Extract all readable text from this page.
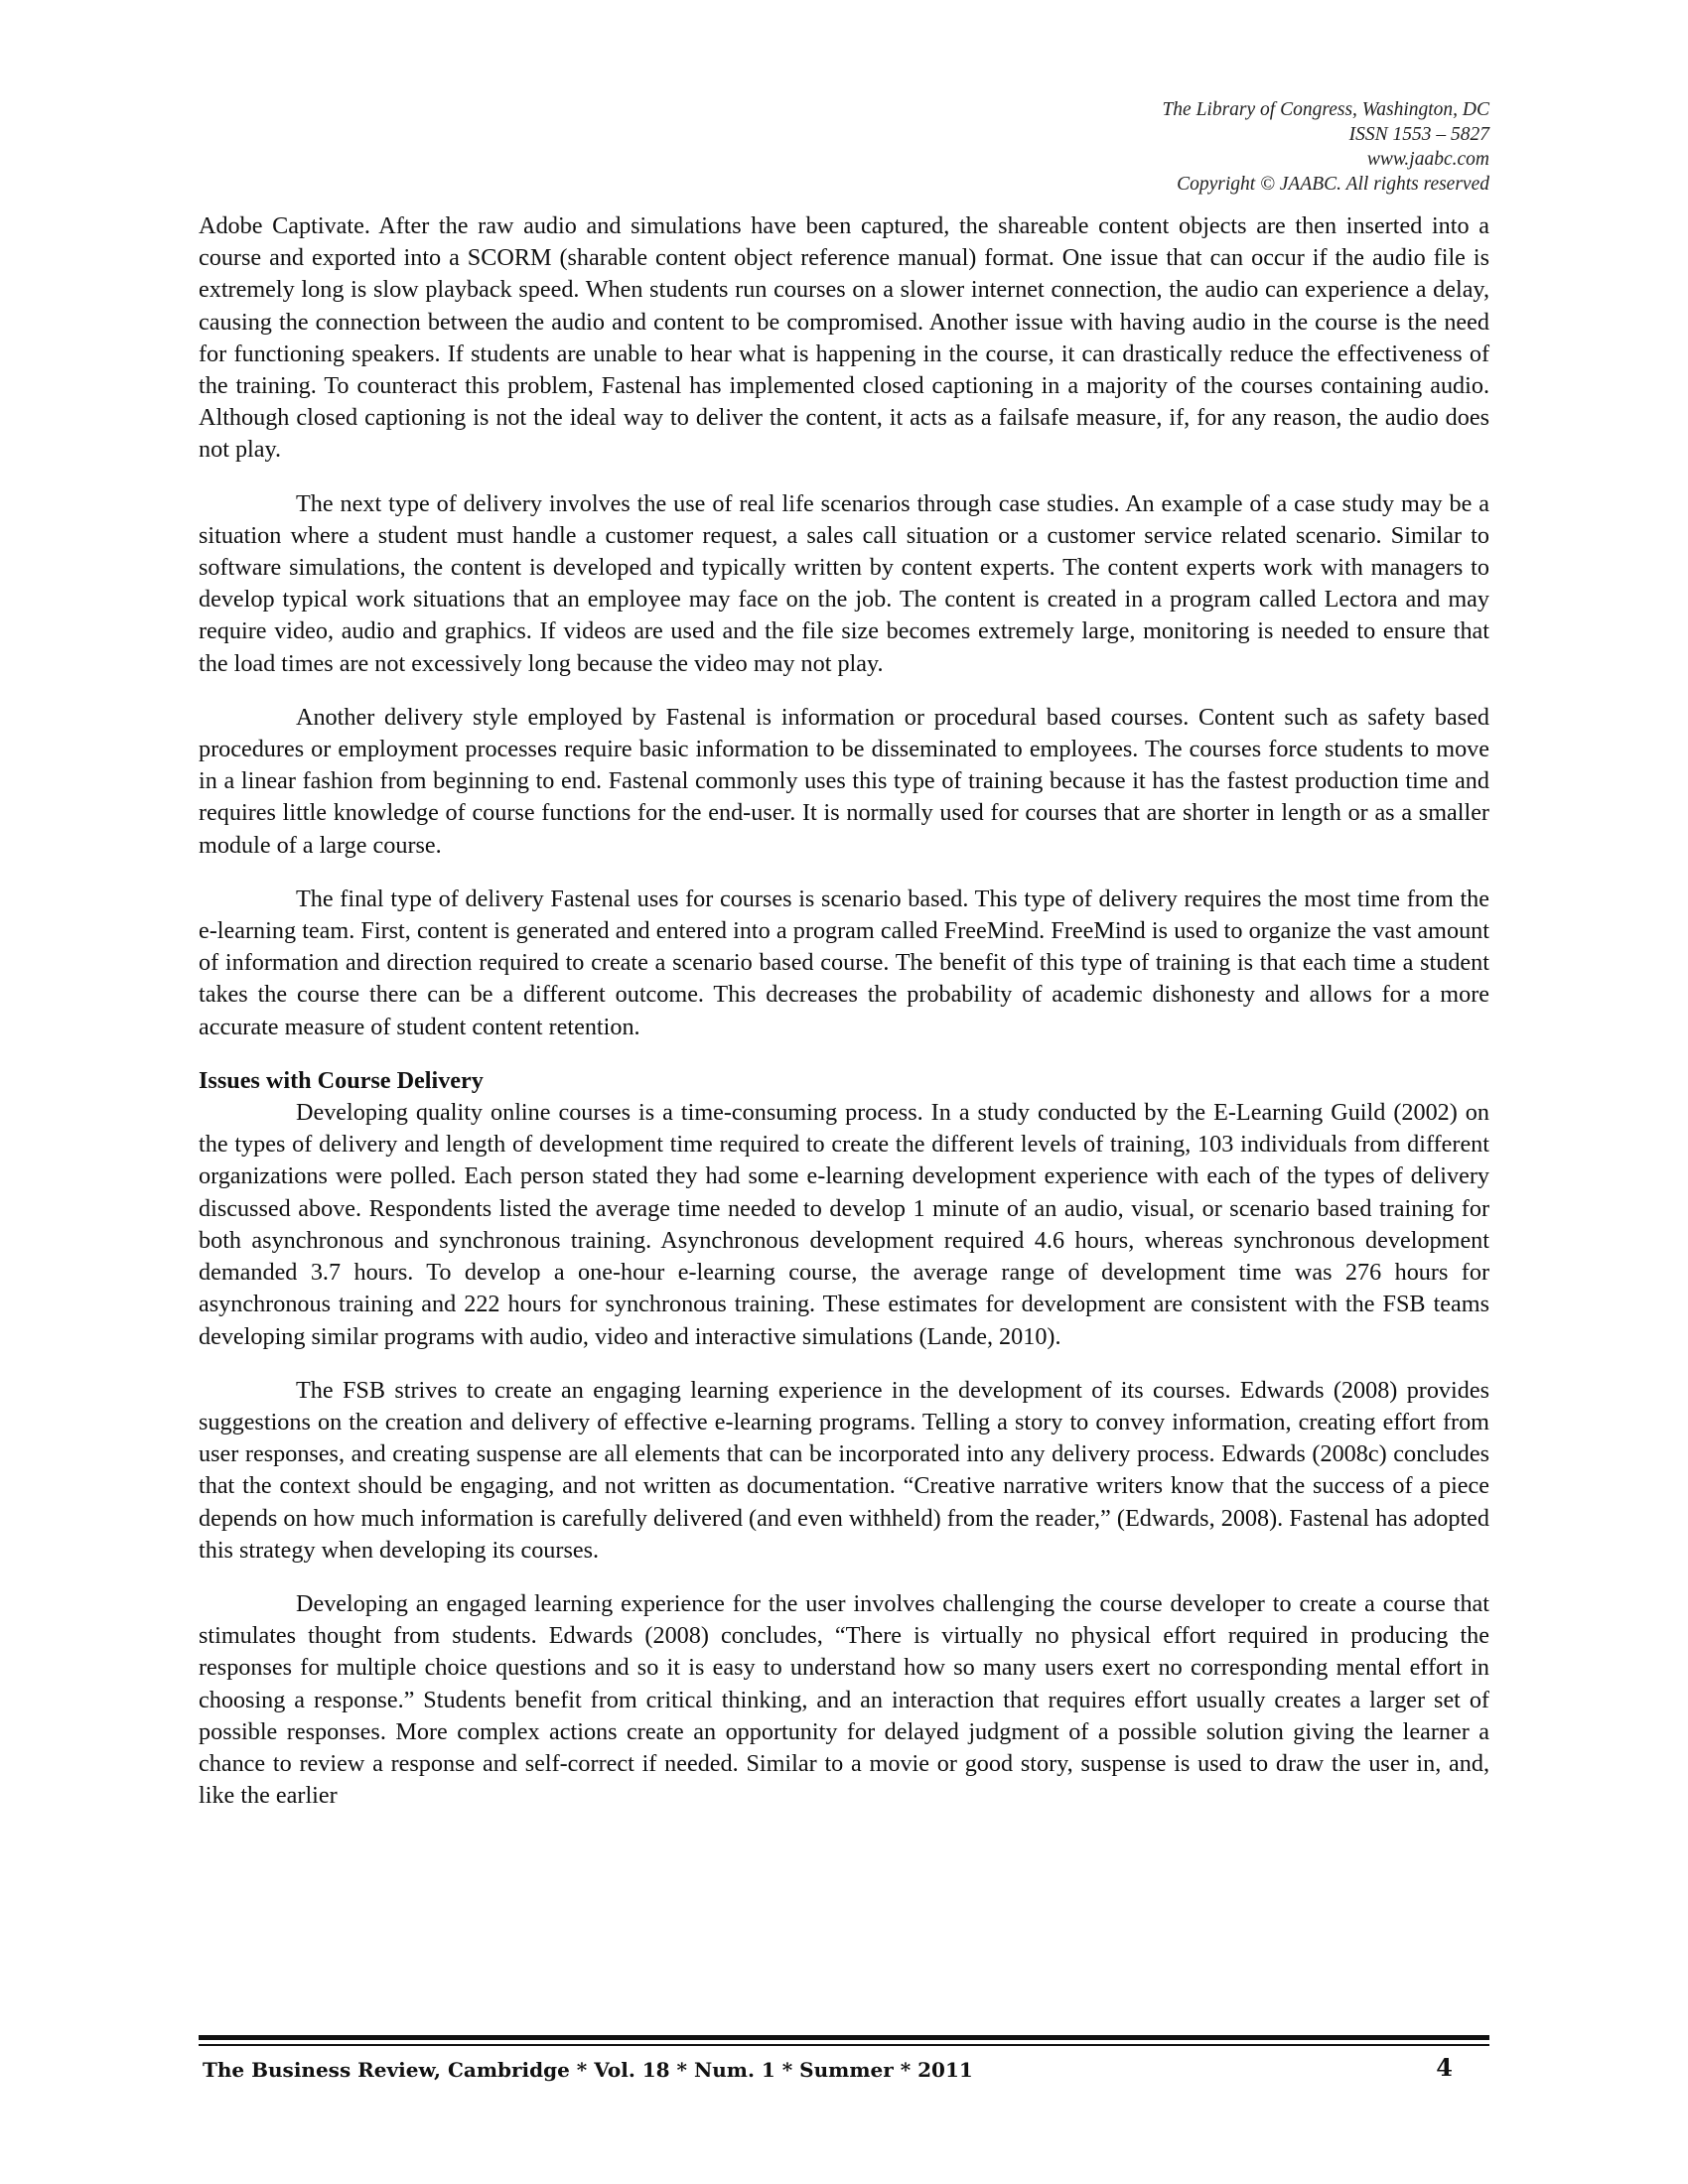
The Library of Congress, Washington, DC
ISSN 1553 – 5827
www.jaabc.com
Copyright © JAABC. All rights reserved

Adobe Captivate. After the raw audio and simulations have been captured, the shareable content objects are then inserted into a course and exported into a SCORM (sharable content object reference manual) format. One issue that can occur if the audio file is extremely long is slow playback speed. When students run courses on a slower internet connection, the audio can experience a delay, causing the connection between the audio and content to be compromised. Another issue with having audio in the course is the need for functioning speakers. If students are unable to hear what is happening in the course, it can drastically reduce the effectiveness of the training. To counteract this problem, Fastenal has implemented closed captioning in a majority of the courses containing audio. Although closed captioning is not the ideal way to deliver the content, it acts as a failsafe measure, if, for any reason, the audio does not play.

The next type of delivery involves the use of real life scenarios through case studies. An example of a case study may be a situation where a student must handle a customer request, a sales call situation or a customer service related scenario. Similar to software simulations, the content is developed and typically written by content experts. The content experts work with managers to develop typical work situations that an employee may face on the job. The content is created in a program called Lectora and may require video, audio and graphics. If videos are used and the file size becomes extremely large, monitoring is needed to ensure that the load times are not excessively long because the video may not play.

Another delivery style employed by Fastenal is information or procedural based courses. Content such as safety based procedures or employment processes require basic information to be disseminated to employees. The courses force students to move in a linear fashion from beginning to end. Fastenal commonly uses this type of training because it has the fastest production time and requires little knowledge of course functions for the end-user. It is normally used for courses that are shorter in length or as a smaller module of a large course.

The final type of delivery Fastenal uses for courses is scenario based. This type of delivery requires the most time from the e-learning team. First, content is generated and entered into a program called FreeMind. FreeMind is used to organize the vast amount of information and direction required to create a scenario based course. The benefit of this type of training is that each time a student takes the course there can be a different outcome. This decreases the probability of academic dishonesty and allows for a more accurate measure of student content retention.

Issues with Course Delivery

Developing quality online courses is a time-consuming process. In a study conducted by the E-Learning Guild (2002) on the types of delivery and length of development time required to create the different levels of training, 103 individuals from different organizations were polled. Each person stated they had some e-learning development experience with each of the types of delivery discussed above. Respondents listed the average time needed to develop 1 minute of an audio, visual, or scenario based training for both asynchronous and synchronous training. Asynchronous development required 4.6 hours, whereas synchronous development demanded 3.7 hours. To develop a one-hour e-learning course, the average range of development time was 276 hours for asynchronous training and 222 hours for synchronous training. These estimates for development are consistent with the FSB teams developing similar programs with audio, video and interactive simulations (Lande, 2010).

The FSB strives to create an engaging learning experience in the development of its courses. Edwards (2008) provides suggestions on the creation and delivery of effective e-learning programs. Telling a story to convey information, creating effort from user responses, and creating suspense are all elements that can be incorporated into any delivery process. Edwards (2008c) concludes that the context should be engaging, and not written as documentation. “Creative narrative writers know that the success of a piece depends on how much information is carefully delivered (and even withheld) from the reader,” (Edwards, 2008). Fastenal has adopted this strategy when developing its courses.

Developing an engaged learning experience for the user involves challenging the course developer to create a course that stimulates thought from students. Edwards (2008) concludes, “There is virtually no physical effort required in producing the responses for multiple choice questions and so it is easy to understand how so many users exert no corresponding mental effort in choosing a response.” Students benefit from critical thinking, and an interaction that requires effort usually creates a larger set of possible responses. More complex actions create an opportunity for delayed judgment of a possible solution giving the learner a chance to review a response and self-correct if needed. Similar to a movie or good story, suspense is used to draw the user in, and, like the earlier

The Business Review, Cambridge * Vol. 18 * Num. 1 * Summer * 2011	4
